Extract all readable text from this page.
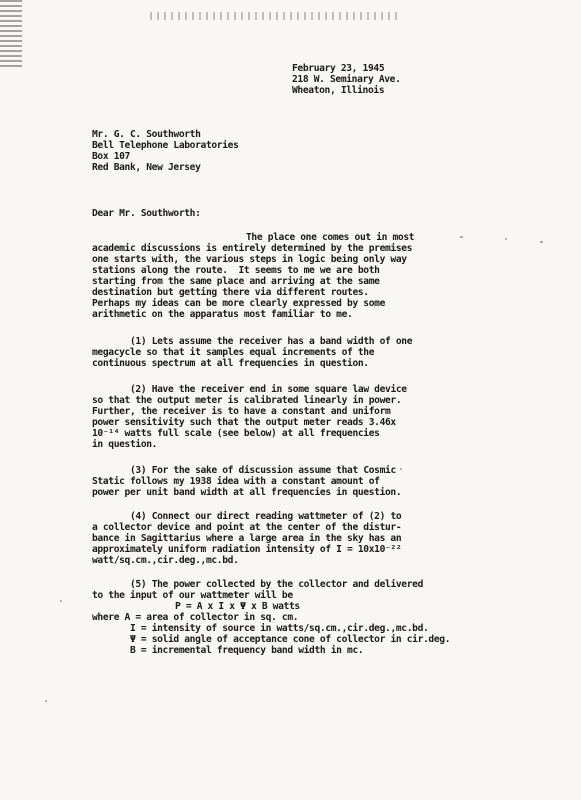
February 23, 1945
218 W. Seminary Ave.
Wheaton, Illinois
Mr. G. C. Southworth
Bell Telephone Laboratories
Box 107
Red Bank, New Jersey
Dear Mr. Southworth:
The place one comes out in most
academic discussions is entirely determined by the premises
one starts with, the various steps in logic being only way
stations along the route.  It seems to me we are both
starting from the same place and arriving at the same
destination but getting there via different routes.
Perhaps my ideas can be more clearly expressed by some
arithmetic on the apparatus most familiar to me.
(1) Lets assume the receiver has a band width of one
megacycle so that it samples equal increments of the
continuous spectrum at all frequencies in question.
(2) Have the receiver end in some square law device
so that the output meter is calibrated linearly in power.
Further, the receiver is to have a constant and uniform
power sensitivity such that the output meter reads 3.46x
10⁻¹⁴ watts full scale (see below) at all frequencies
in question.
(3) For the sake of discussion assume that Cosmic
Static follows my 1938 idea with a constant amount of
power per unit band width at all frequencies in question.
(4) Connect our direct reading wattmeter of (2) to
a collector device and point at the center of the distur-
bance in Sagittarius where a large area in the sky has an
approximately uniform radiation intensity of I = 10x10⁻²²
watt/sq.cm.,cir.deg.,mc.bd.
(5) The power collected by the collector and delivered
to the input of our wattmeter will be
P = A x I x Ψ x B watts
where A = area of collector in sq. cm.
I = intensity of source in watts/sq.cm.,cir.deg.,mc.bd.
Ψ = solid angle of acceptance cone of collector in cir.deg.
B = incremental frequency band width in mc.
